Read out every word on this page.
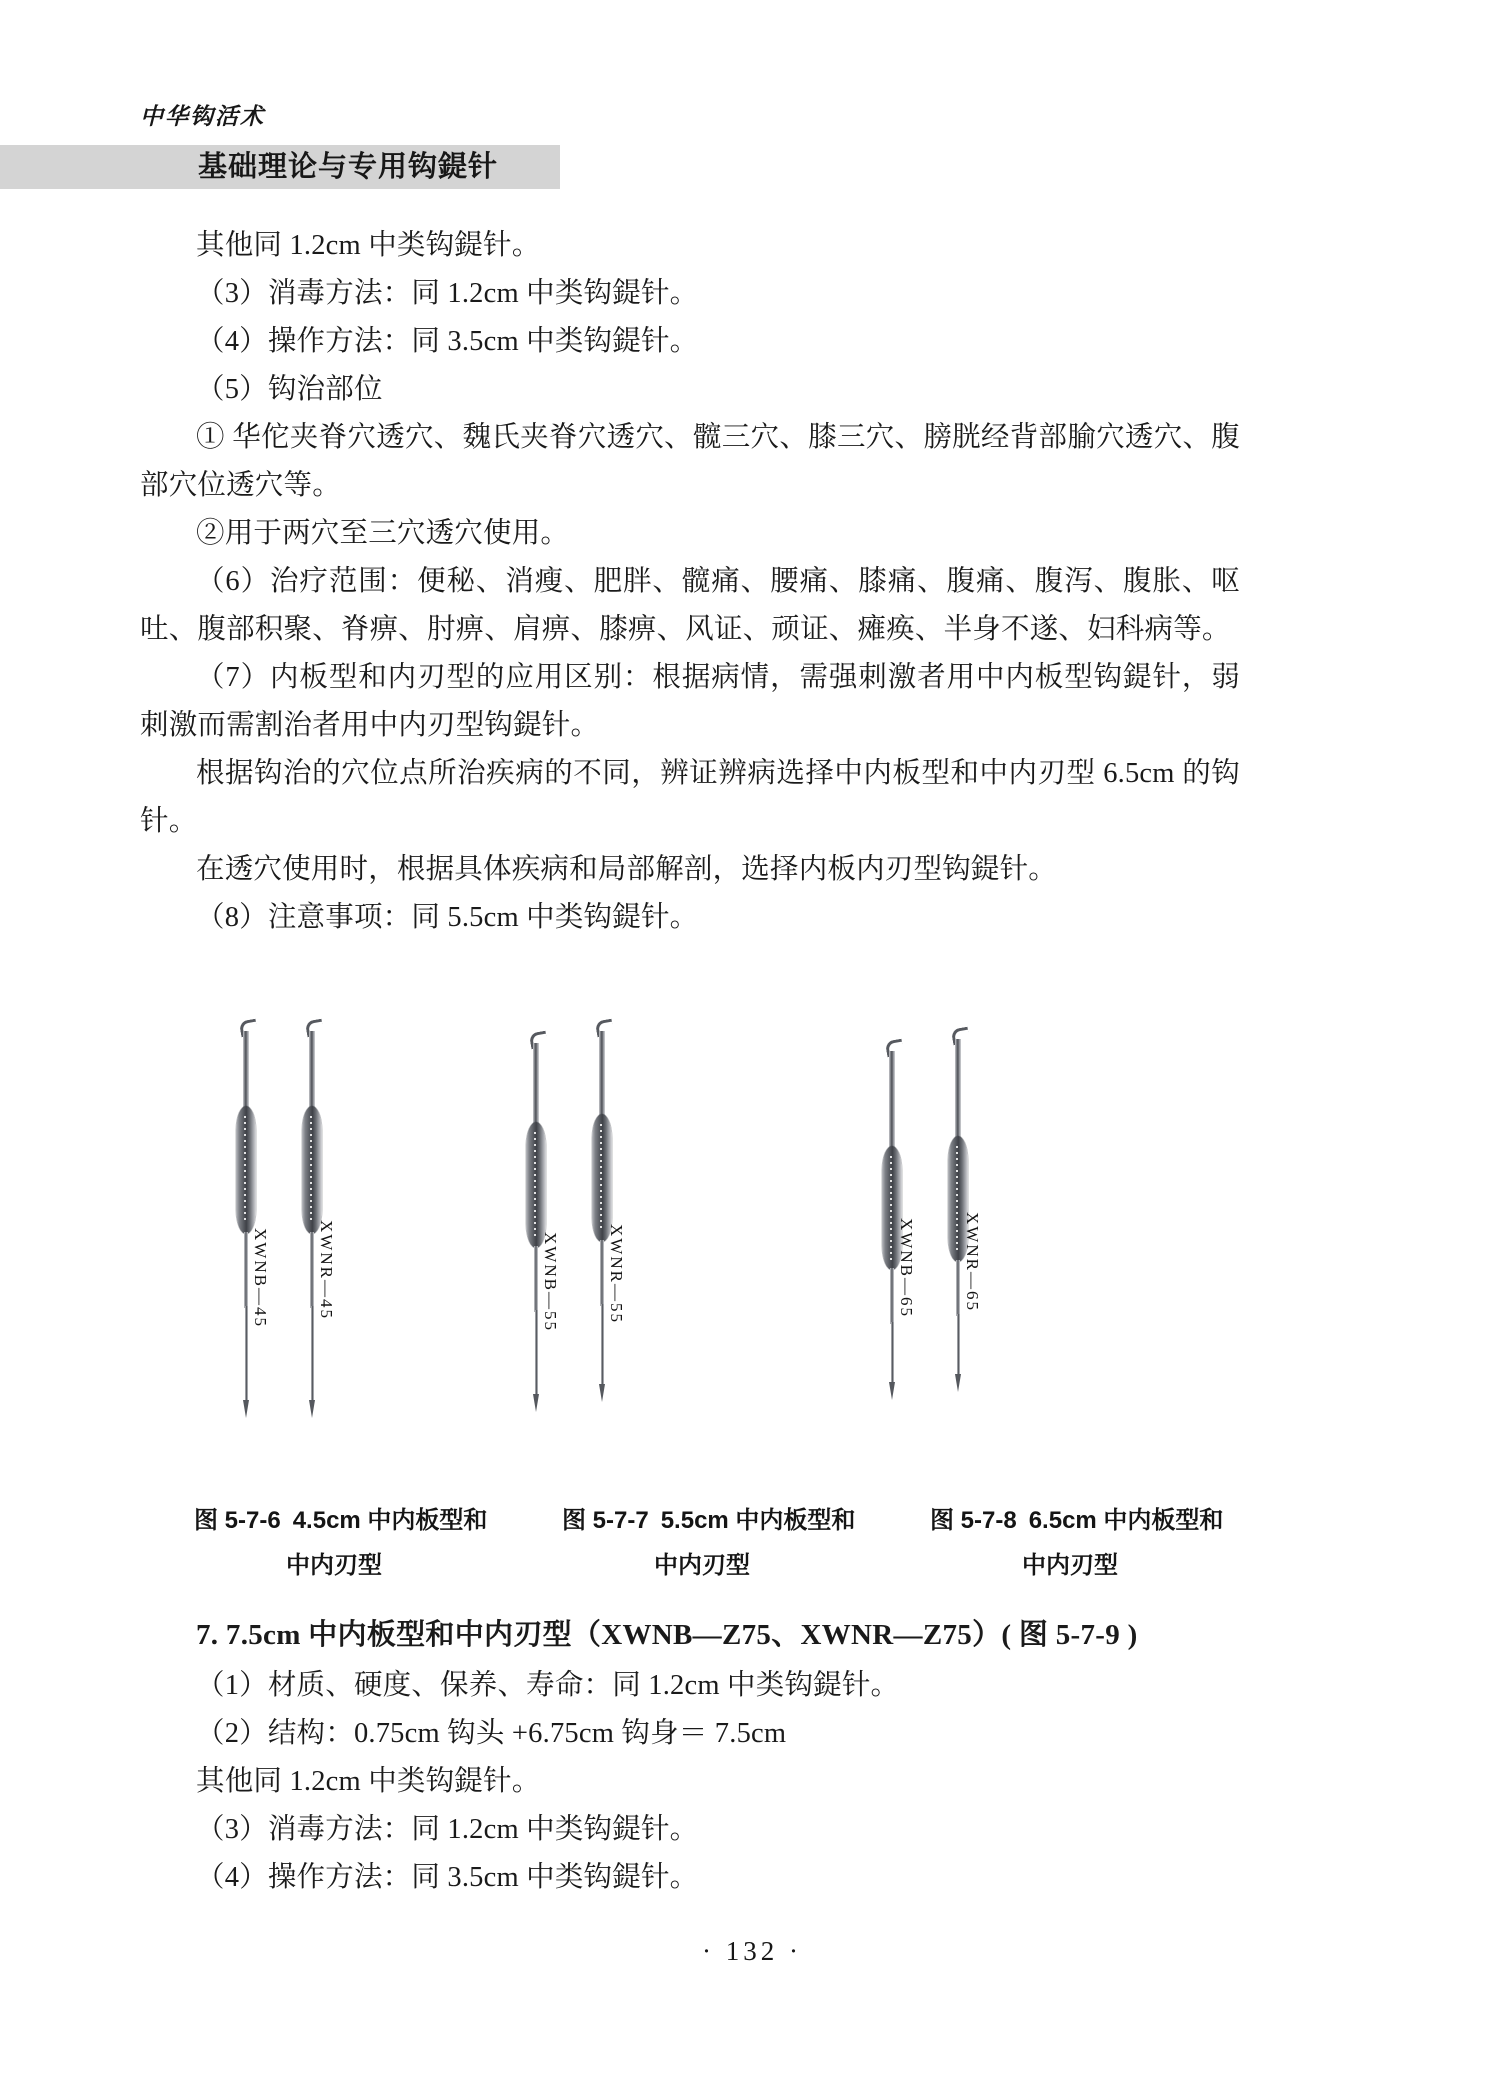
中华钩活术
基础理论与专用钩鍉针

其他同 1.2cm 中类钩鍉针。

（3）消毒方法：同 1.2cm 中类钩鍉针。

（4）操作方法：同 3.5cm 中类钩鍉针。

（5）钩治部位

① 华佗夹脊穴透穴、魏氏夹脊穴透穴、髋三穴、膝三穴、膀胱经背部腧穴透穴、腹部穴位透穴等。

②用于两穴至三穴透穴使用。

（6）治疗范围：便秘、消瘦、肥胖、髋痛、腰痛、膝痛、腹痛、腹泻、腹胀、呕吐、腹部积聚、脊痹、肘痹、肩痹、膝痹、风证、顽证、瘫痪、半身不遂、妇科病等。

（7）内板型和内刃型的应用区别：根据病情，需强刺激者用中内板型钩鍉针，弱刺激而需割治者用中内刃型钩鍉针。

根据钩治的穴位点所治疾病的不同，辨证辨病选择中内板型和中内刃型 6.5cm 的钩针。

在透穴使用时，根据具体疾病和局部解剖，选择内板内刃型钩鍉针。

（8）注意事项：同 5.5cm 中类钩鍉针。

XWNB—45	XWNR—45	XWNB—55	XWNR—55	XWNB—65	XWNR—65
图 5-7-6 4.5cm 中内板型和
中内刃型
图 5-7-7 5.5cm 中内板型和
中内刃型
图 5-7-8 6.5cm 中内板型和
中内刃型

7. 7.5cm 中内板型和中内刃型（XWNB—Z75、XWNR—Z75）( 图 5-7-9 )

（1）材质、硬度、保养、寿命：同 1.2cm 中类钩鍉针。

（2）结构：0.75cm 钩头 +6.75cm 钩身＝ 7.5cm

其他同 1.2cm 中类钩鍉针。

（3）消毒方法：同 1.2cm 中类钩鍉针。

（4）操作方法：同 3.5cm 中类钩鍉针。

· 132 ·
